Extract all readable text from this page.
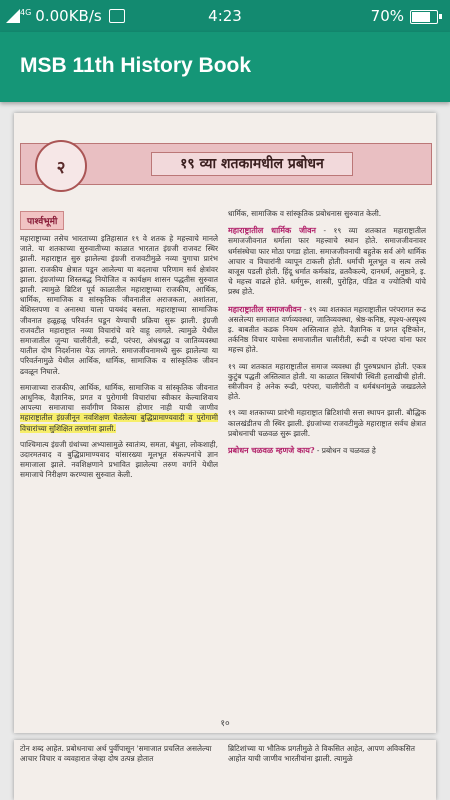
4G 0.00KB/s	4:23	70%
MSB 11th History Book
२	१९ व्या शतकामधील प्रबोधन
पार्श्वभूमी

महाराष्ट्राच्या तसेच भारताच्या इतिहासात १९ वे शतक हे महत्त्वाचे मानले जाते. या शतकाच्या सुरुवातीच्या काळात भारतात इंग्रजी राजवट स्थिर झाली. महाराष्ट्रात सुरु झालेल्या इंग्रजी राजवटीमुळे नव्या युगाचा प्रारंभ झाला. राजकीय क्षेत्रात पडून आलेल्या या बदलाचा परिणाम सर्व क्षेत्रांवर झाला. इंग्रजांच्या शिस्तबद्ध नियोजित व कार्यक्षम शासन पद्धतीस सुरुवात झाली. त्यामुळे ब्रिटिश पूर्व काळातील महाराष्ट्राच्या राजकीय, आर्थिक, धार्मिक, सामाजिक व सांस्कृतिक जीवनातील अराजकता, अशांतता, बेशिस्तपणा व अनास्था याला पायबंद बसला. महाराष्ट्राच्या सामाजिक जीवनात हळूहळू परिवर्तन घडून येण्याची प्रक्रिया सुरू झाली. इंग्रजी राजवटीत महाराष्ट्रात नव्या विचारांचे वारे वाहू लागले. त्यामुळे येथील समाजातील जुन्या चालीरीती, रूढी, परंपरा, अंधश्रद्धा व जातिव्यवस्था यातील दोष निदर्शनास येऊ लागले. समाजजीवनामध्ये सुरू झालेल्या या परिवर्तनामुळे येथील आर्थिक, धार्मिक, सामाजिक व सांस्कृतिक जीवन ढवळून निघाले.

समाजाच्या राजकीय, आर्थिक, धार्मिक, सामाजिक व सांस्कृतिक जीवनात आधुनिक, वैज्ञानिक, प्रगत व पुरोगामी विचारांचा स्वीकार केल्याशिवाय आपल्या समाजाचा सर्वांगीण विकास होणार नाही याची जाणीव महाराष्ट्रातील इंग्रजीनून नवशिक्षण घेतलेल्या बुद्धिप्रामाण्यवादी व पुरोगामी विचारांच्या सुशिक्षित तरुणांना झाली.

पाश्चिमात्य इंग्रजी ग्रंथांच्या अभ्यासामुळे स्वातंत्र्य, समता, बंधुता, लोकशाही, उदारमतवाद व बुद्धिप्रामाण्यवाद यांसारख्या मूलभूत संकल्पनांचे ज्ञान समाजाला झाले. नवशिक्षणाने प्रभावित झालेल्या तरुण वर्गाने येथील समाजाचे निरीक्षण करण्यास सुरुवात केली.

धार्मिक, सामाजिक व सांस्कृतिक प्रबोधनास सुरुवात केली.

महाराष्ट्रातील धार्मिक जीवन - १९ व्या शतकात महाराष्ट्रातील समाजजीवनात धर्माला फार महत्त्वाचे स्थान होते. समाजजीवनावर धर्मसंस्थेचा फार मोठा पगडा होता. समाजजीवनाची बहुतेक सर्व अंगे धार्मिक आचार व विचारांनी व्यापून टाकली होती. धर्माची मूलभूत व सत्य तत्त्वे बाजूस पडली होती. हिंदू धर्मात कर्मकांड, व्रतवैकल्ये, दानधर्म, अनुष्ठाने, इ. चे महत्त्व वाढले होते. धर्मगुरू, शास्त्री, पुरोहित, पंडित व ज्योतिषी यांचे प्रस्थ होते.

महाराष्ट्रातील समाजजीवन - १९ व्या शतकात महाराष्ट्रातील परंपरागत रूढ असलेल्या समाजात वर्णव्यवस्था, जातिव्यवस्था, श्रेष्ठ-कनिष्ठ, स्पृश्य-अस्पृश्य इ. बाबतीत कडक नियम अस्तित्वात होते. वैज्ञानिक व प्रगत दृष्टिकोन, तर्कनिष्ठ विचार याचेसा समाजातील चालीरीती, रूढी व परंपरा यांना फार महत्त्व होते.

१९ व्या शतकात महाराष्ट्रातील समाज व्यवस्था ही पुरुषप्रधान होती. एकत्र कुटुंब पद्धती अस्तित्वात होती. या काळात स्त्रियांची स्थिती हलाखीची होती. स्त्रीजीवन हे अनेक रूढी, परंपरा, चालीरीती व धर्मबंधनांमुळे जखडलेले होते.

१९ व्या शतकाच्या प्रारंभी महाराष्ट्रात ब्रिटिशांची सत्ता स्थापन झाली. बौद्धिक कालखंडीतच ती स्थिर झाली. इंग्रजांच्या राजवटीमुळे महाराष्ट्रात सर्वच क्षेत्रात प्रबोधनाची चळवळ सुरू झाली.

प्रबोधन चळवळ म्हणजे काय? - प्रबोधन व चळवळ हे

१०

टोन शब्द आहेत. प्रबोधनाचा अर्थ पुर्वीपासून 'समाजात प्रचलित असलेल्या आचार विचार व व्यवहारात जेव्हा दोष उत्पन्न होतात

ब्रिटिशांच्या या भौतिक प्रगतीमुळे ते विकसित आहेत, आपण अविकसित आहोत याची जाणीव भारतीयांना झाली. त्यामुळे
